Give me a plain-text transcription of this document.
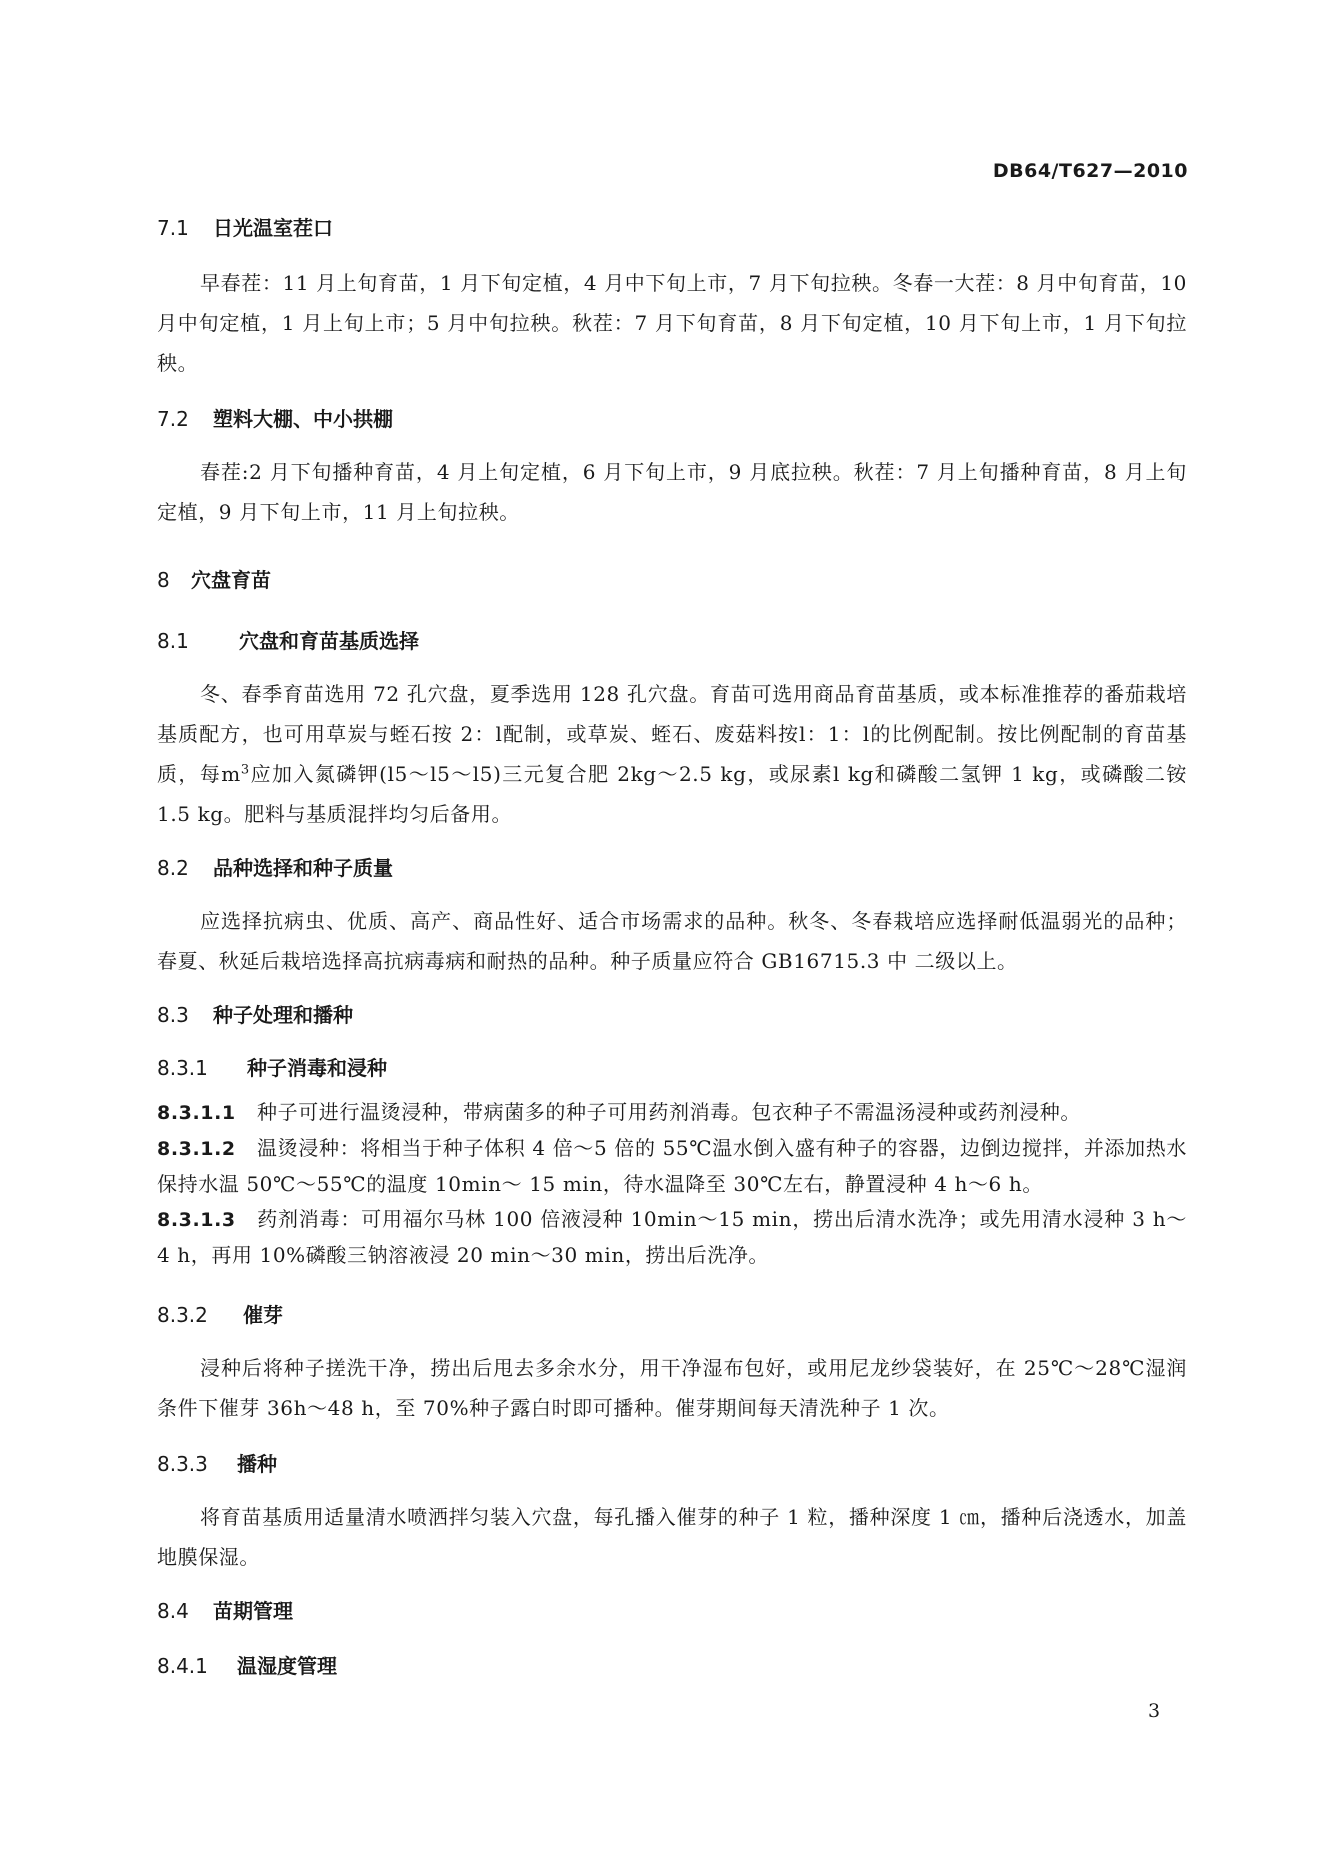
DB64/T627—2010
7.1 日光温室茬口

早春茬：11 月上旬育苗，1 月下旬定植，4 月中下旬上市，7 月下旬拉秧。冬春一大茬：8 月中旬育苗，10 月中旬定植，1 月上旬上市；5 月中旬拉秧。秋茬：7 月下旬育苗，8 月下旬定植，10 月下旬上市，1 月下旬拉秧。

7.2 塑料大棚、中小拱棚

春茬:2 月下旬播种育苗，4 月上旬定植，6 月下旬上市，9 月底拉秧。秋茬：7 月上旬播种育苗，8 月上旬定植，9 月下旬上市，11 月上旬拉秧。

8 穴盘育苗
8.1	穴盘和育苗基质选择

冬、春季育苗选用 72 孔穴盘，夏季选用 128 孔穴盘。育苗可选用商品育苗基质，或本标准推荐的番茄栽培基质配方，也可用草炭与蛭石按 2：l配制，或草炭、蛭石、废菇料按l：1：l的比例配制。按比例配制的育苗基质，每$m^3$应加入氮磷钾(l5～l5～l5)三元复合肥 2kg～2.5 kg，或尿素l kg和磷酸二氢钾 1 kg，或磷酸二铵 1.5 kg。肥料与基质混拌均匀后备用。

8.2 品种选择和种子质量

应选择抗病虫、优质、高产、商品性好、适合市场需求的品种。秋冬、冬春栽培应选择耐低温弱光的品种；春夏、秋延后栽培选择高抗病毒病和耐热的品种。种子质量应符合 GB16715.3 中 二级以上。

8.3 种子处理和播种
8.3.1 种子消毒和浸种

8.3.1.1 种子可进行温烫浸种，带病菌多的种子可用药剂消毒。包衣种子不需温汤浸种或药剂浸种。

8.3.1.2 温烫浸种：将相当于种子体积 4 倍～5 倍的 55℃温水倒入盛有种子的容器，边倒边搅拌，并添加热水保持水温 50℃～55℃的温度 10min～ 15 min，待水温降至 30℃左右，静置浸种 4 h～6 h。

8.3.1.3 药剂消毒：可用福尔马林 100 倍液浸种 10min～15 min，捞出后清水洗净；或先用清水浸种 3 h～4 h，再用 10%磷酸三钠溶液浸 20 min～30 min，捞出后洗净。

8.3.2 催芽

浸种后将种子搓洗干净，捞出后甩去多余水分，用干净湿布包好，或用尼龙纱袋装好，在 25℃～28℃湿润条件下催芽 36h～48 h，至 70%种子露白时即可播种。催芽期间每天清洗种子 1 次。

8.3.3 播种

将育苗基质用适量清水喷洒拌匀装入穴盘，每孔播入催芽的种子 1 粒，播种深度 1 ㎝，播种后浇透水，加盖地膜保湿。

8.4 苗期管理
8.4.1 温湿度管理
3
